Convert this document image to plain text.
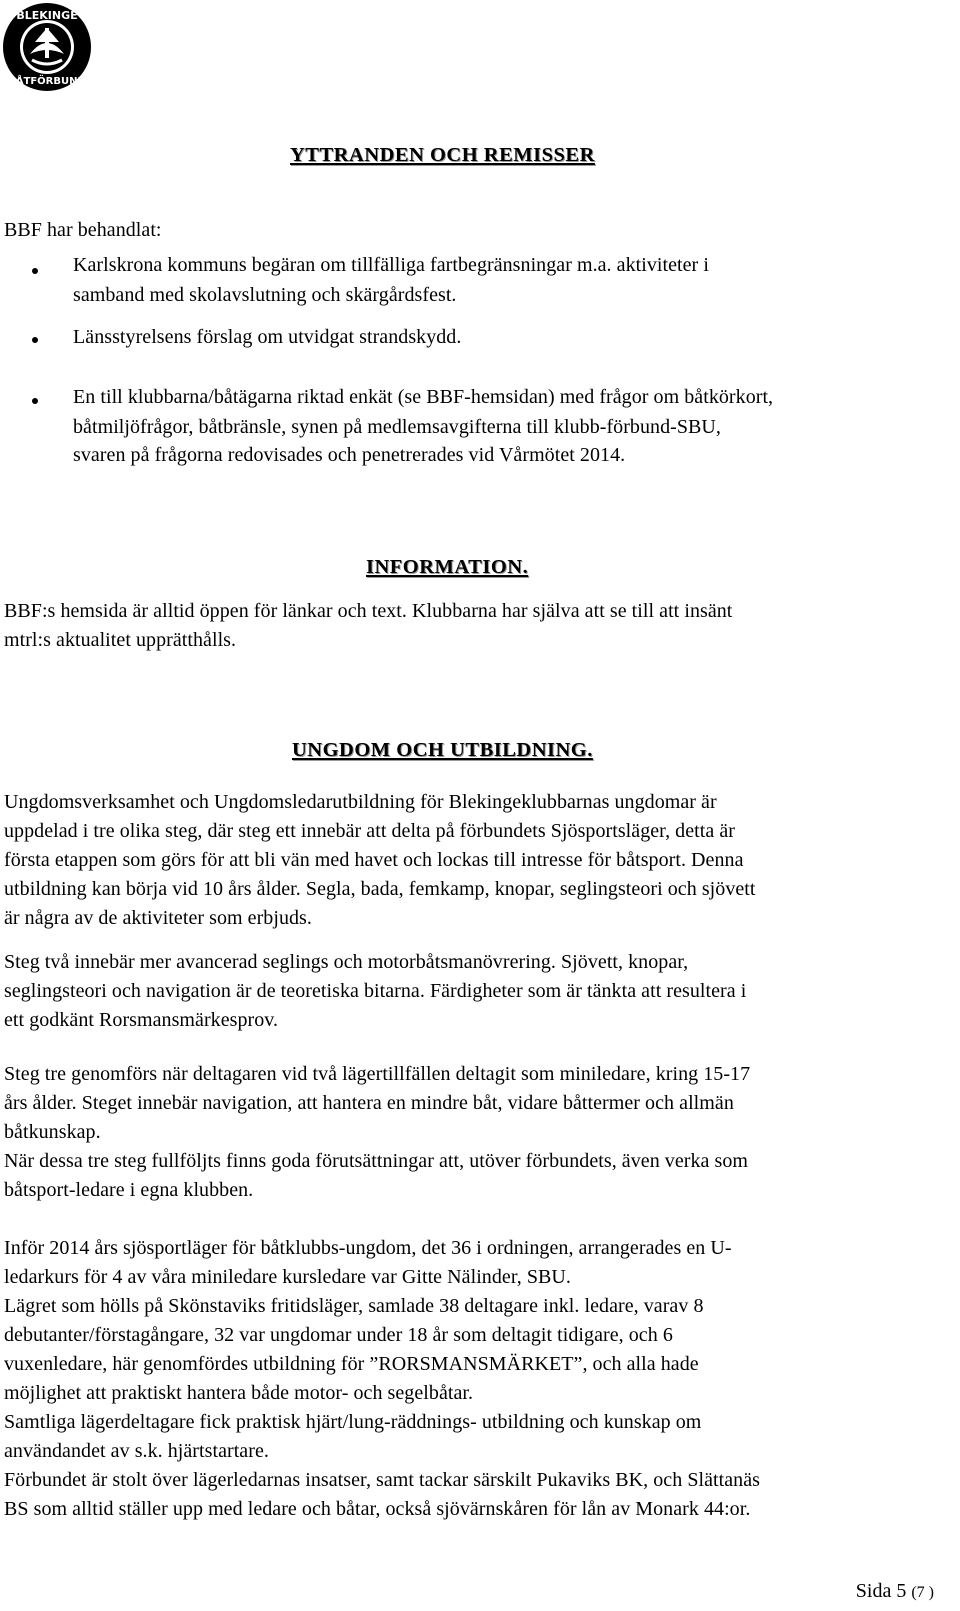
BLEKINGE
BÅTFÖRBUND
YTTRANDEN OCH REMISSER
BBF har behandlat:
Karlskrona kommuns begäran om tillfälliga fartbegränsningar m.a. aktiviteter i
samband med skolavslutning och skärgårdsfest.
Länsstyrelsens förslag om utvidgat strandskydd.
En till klubbarna/båtägarna riktad enkät (se BBF-hemsidan) med frågor om båtkörkort,
båtmiljöfrågor, båtbränsle, synen på medlemsavgifterna till klubb-förbund-SBU,
svaren på frågorna redovisades och penetrerades vid Vårmötet 2014.
INFORMATION.
BBF:s hemsida är alltid öppen för länkar och text. Klubbarna har själva att se till att insänt
mtrl:s aktualitet upprätthålls.
UNGDOM OCH UTBILDNING.
Ungdomsverksamhet och Ungdomsledarutbildning för Blekingeklubbarnas ungdomar är
uppdelad i tre olika steg, där steg ett innebär att delta på förbundets Sjösportsläger, detta är
första etappen som görs för att bli vän med havet och lockas till intresse för båtsport. Denna
utbildning kan börja vid 10 års ålder. Segla, bada, femkamp, knopar, seglingsteori och sjövett
är några av de aktiviteter som erbjuds.
Steg två innebär mer avancerad seglings och motorbåtsmanövrering. Sjövett, knopar,
seglingsteori och navigation är de teoretiska bitarna. Färdigheter som är tänkta att resultera i
ett godkänt Rorsmansmärkesprov.
Steg tre genomförs när deltagaren vid två lägertillfällen deltagit som miniledare, kring 15-17
års ålder. Steget innebär navigation, att hantera en mindre båt, vidare båttermer och allmän
båtkunskap.
När dessa tre steg fullföljts finns goda förutsättningar att, utöver förbundets, även verka som
båtsport-ledare i egna klubben.
Inför 2014 års sjösportläger för båtklubbs-ungdom, det 36 i ordningen, arrangerades en U-
ledarkurs för 4 av våra miniledare kursledare var Gitte Nälinder, SBU.
Lägret som hölls på Skönstaviks fritidsläger, samlade 38 deltagare inkl. ledare, varav 8
debutanter/förstagångare, 32 var ungdomar under 18 år som deltagit tidigare, och 6
vuxenledare, här genomfördes utbildning för ”RORSMANSMÄRKET”, och alla hade
möjlighet att praktiskt hantera både motor- och segelbåtar.
Samtliga lägerdeltagare fick praktisk hjärt/lung-räddnings- utbildning och kunskap om
användandet av s.k. hjärtstartare.
Förbundet är stolt över lägerledarnas insatser, samt tackar särskilt Pukaviks BK, och Slättanäs
BS som alltid ställer upp med ledare och båtar, också sjövärnskåren för lån av Monark 44:or.
Sida 5 (7 )
